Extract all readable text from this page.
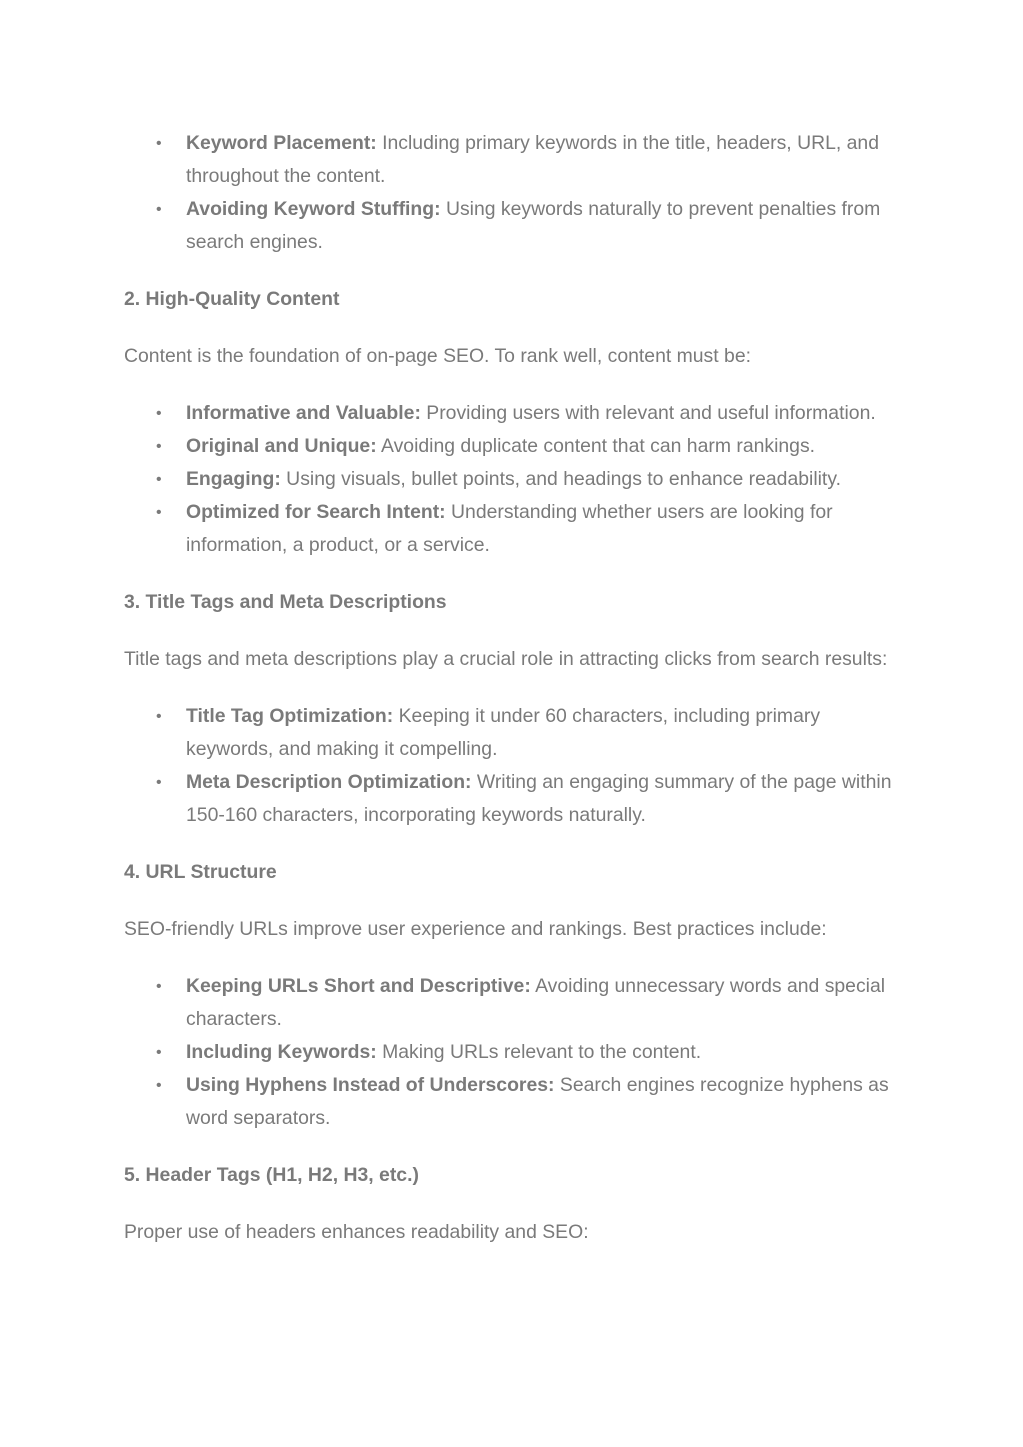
• Keyword Placement: Including primary keywords in the title, headers, URL, and throughout the content.
• Avoiding Keyword Stuffing: Using keywords naturally to prevent penalties from search engines.
2. High-Quality Content

Content is the foundation of on-page SEO. To rank well, content must be:

• Informative and Valuable: Providing users with relevant and useful information.
• Original and Unique: Avoiding duplicate content that can harm rankings.
• Engaging: Using visuals, bullet points, and headings to enhance readability.
• Optimized for Search Intent: Understanding whether users are looking for information, a product, or a service.
3. Title Tags and Meta Descriptions

Title tags and meta descriptions play a crucial role in attracting clicks from search results:

• Title Tag Optimization: Keeping it under 60 characters, including primary keywords, and making it compelling.
• Meta Description Optimization: Writing an engaging summary of the page within 150-160 characters, incorporating keywords naturally.
4. URL Structure

SEO-friendly URLs improve user experience and rankings. Best practices include:

• Keeping URLs Short and Descriptive: Avoiding unnecessary words and special characters.
• Including Keywords: Making URLs relevant to the content.
• Using Hyphens Instead of Underscores: Search engines recognize hyphens as word separators.
5. Header Tags (H1, H2, H3, etc.)

Proper use of headers enhances readability and SEO:
